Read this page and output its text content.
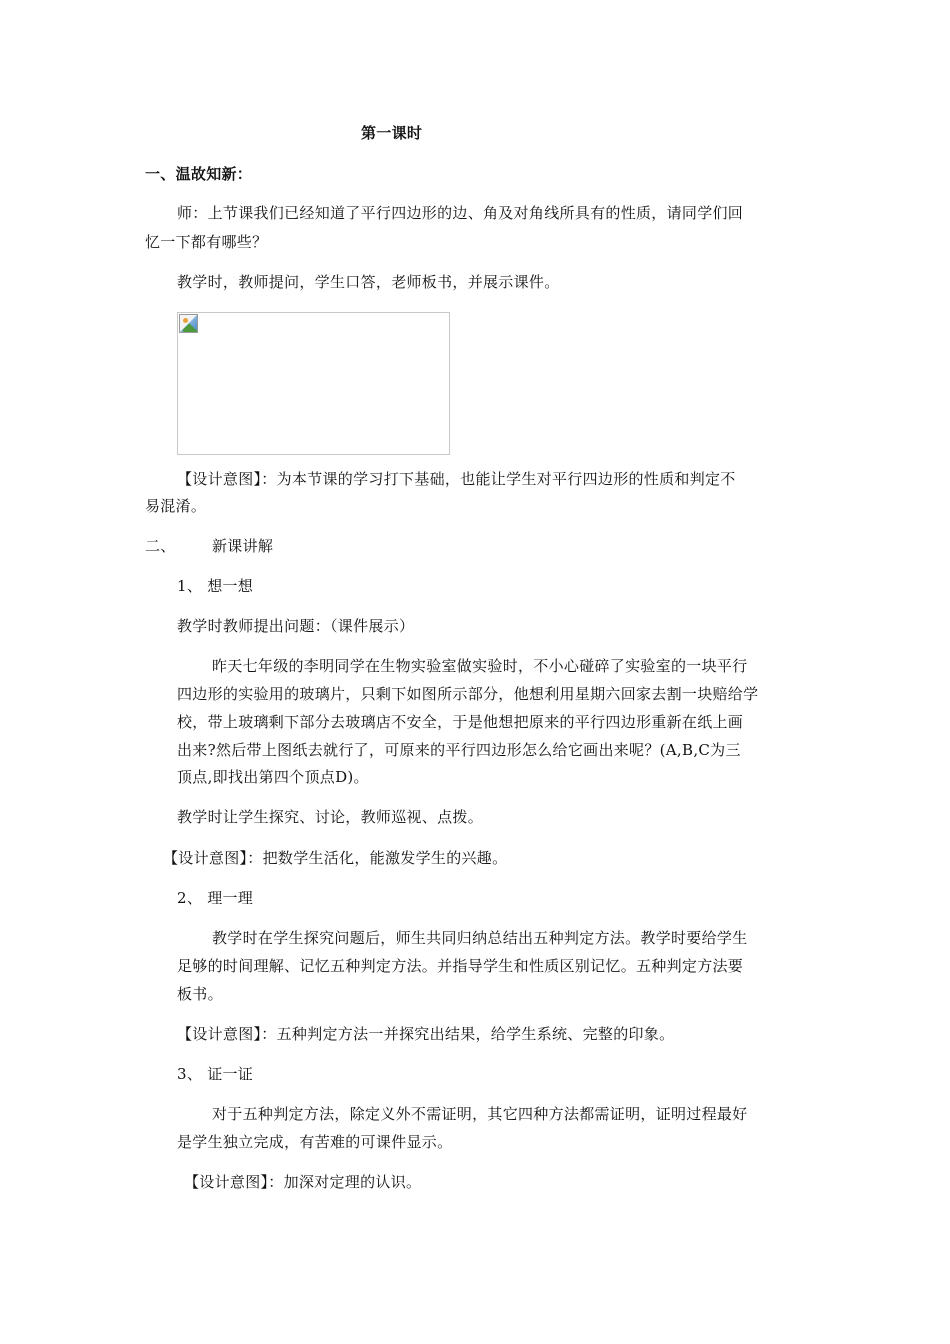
第一课时
一、温故知新：
师：上节课我们已经知道了平行四边形的边、角及对角线所具有的性质，请同学们回
忆一下都有哪些？
教学时，教师提问，学生口答，老师板书，并展示课件。
【设计意图】：为本节课的学习打下基础，也能让学生对平行四边形的性质和判定不
易混淆。
二、 新课讲解
1、 想一想
教学时教师提出问题：（课件展示）
昨天七年级的李明同学在生物实验室做实验时，不小心碰碎了实验室的一块平行
四边形的实验用的玻璃片，只剩下如图所示部分，他想利用星期六回家去割一块赔给学
校，带上玻璃剩下部分去玻璃店不安全，于是他想把原来的平行四边形重新在纸上画
出来?然后带上图纸去就行了，可原来的平行四边形怎么给它画出来呢？(A,B,C为三
顶点,即找出第四个顶点D)。
教学时让学生探究、讨论，教师巡视、点拨。
【设计意图】：把数学生活化，能激发学生的兴趣。
2、 理一理
教学时在学生探究问题后，师生共同归纳总结出五种判定方法。教学时要给学生
足够的时间理解、记忆五种判定方法。并指导学生和性质区别记忆。五种判定方法要
板书。
【设计意图】：五种判定方法一并探究出结果，给学生系统、完整的印象。
3、 证一证
对于五种判定方法，除定义外不需证明，其它四种方法都需证明，证明过程最好
是学生独立完成，有苦难的可课件显示。
【设计意图】：加深对定理的认识。
